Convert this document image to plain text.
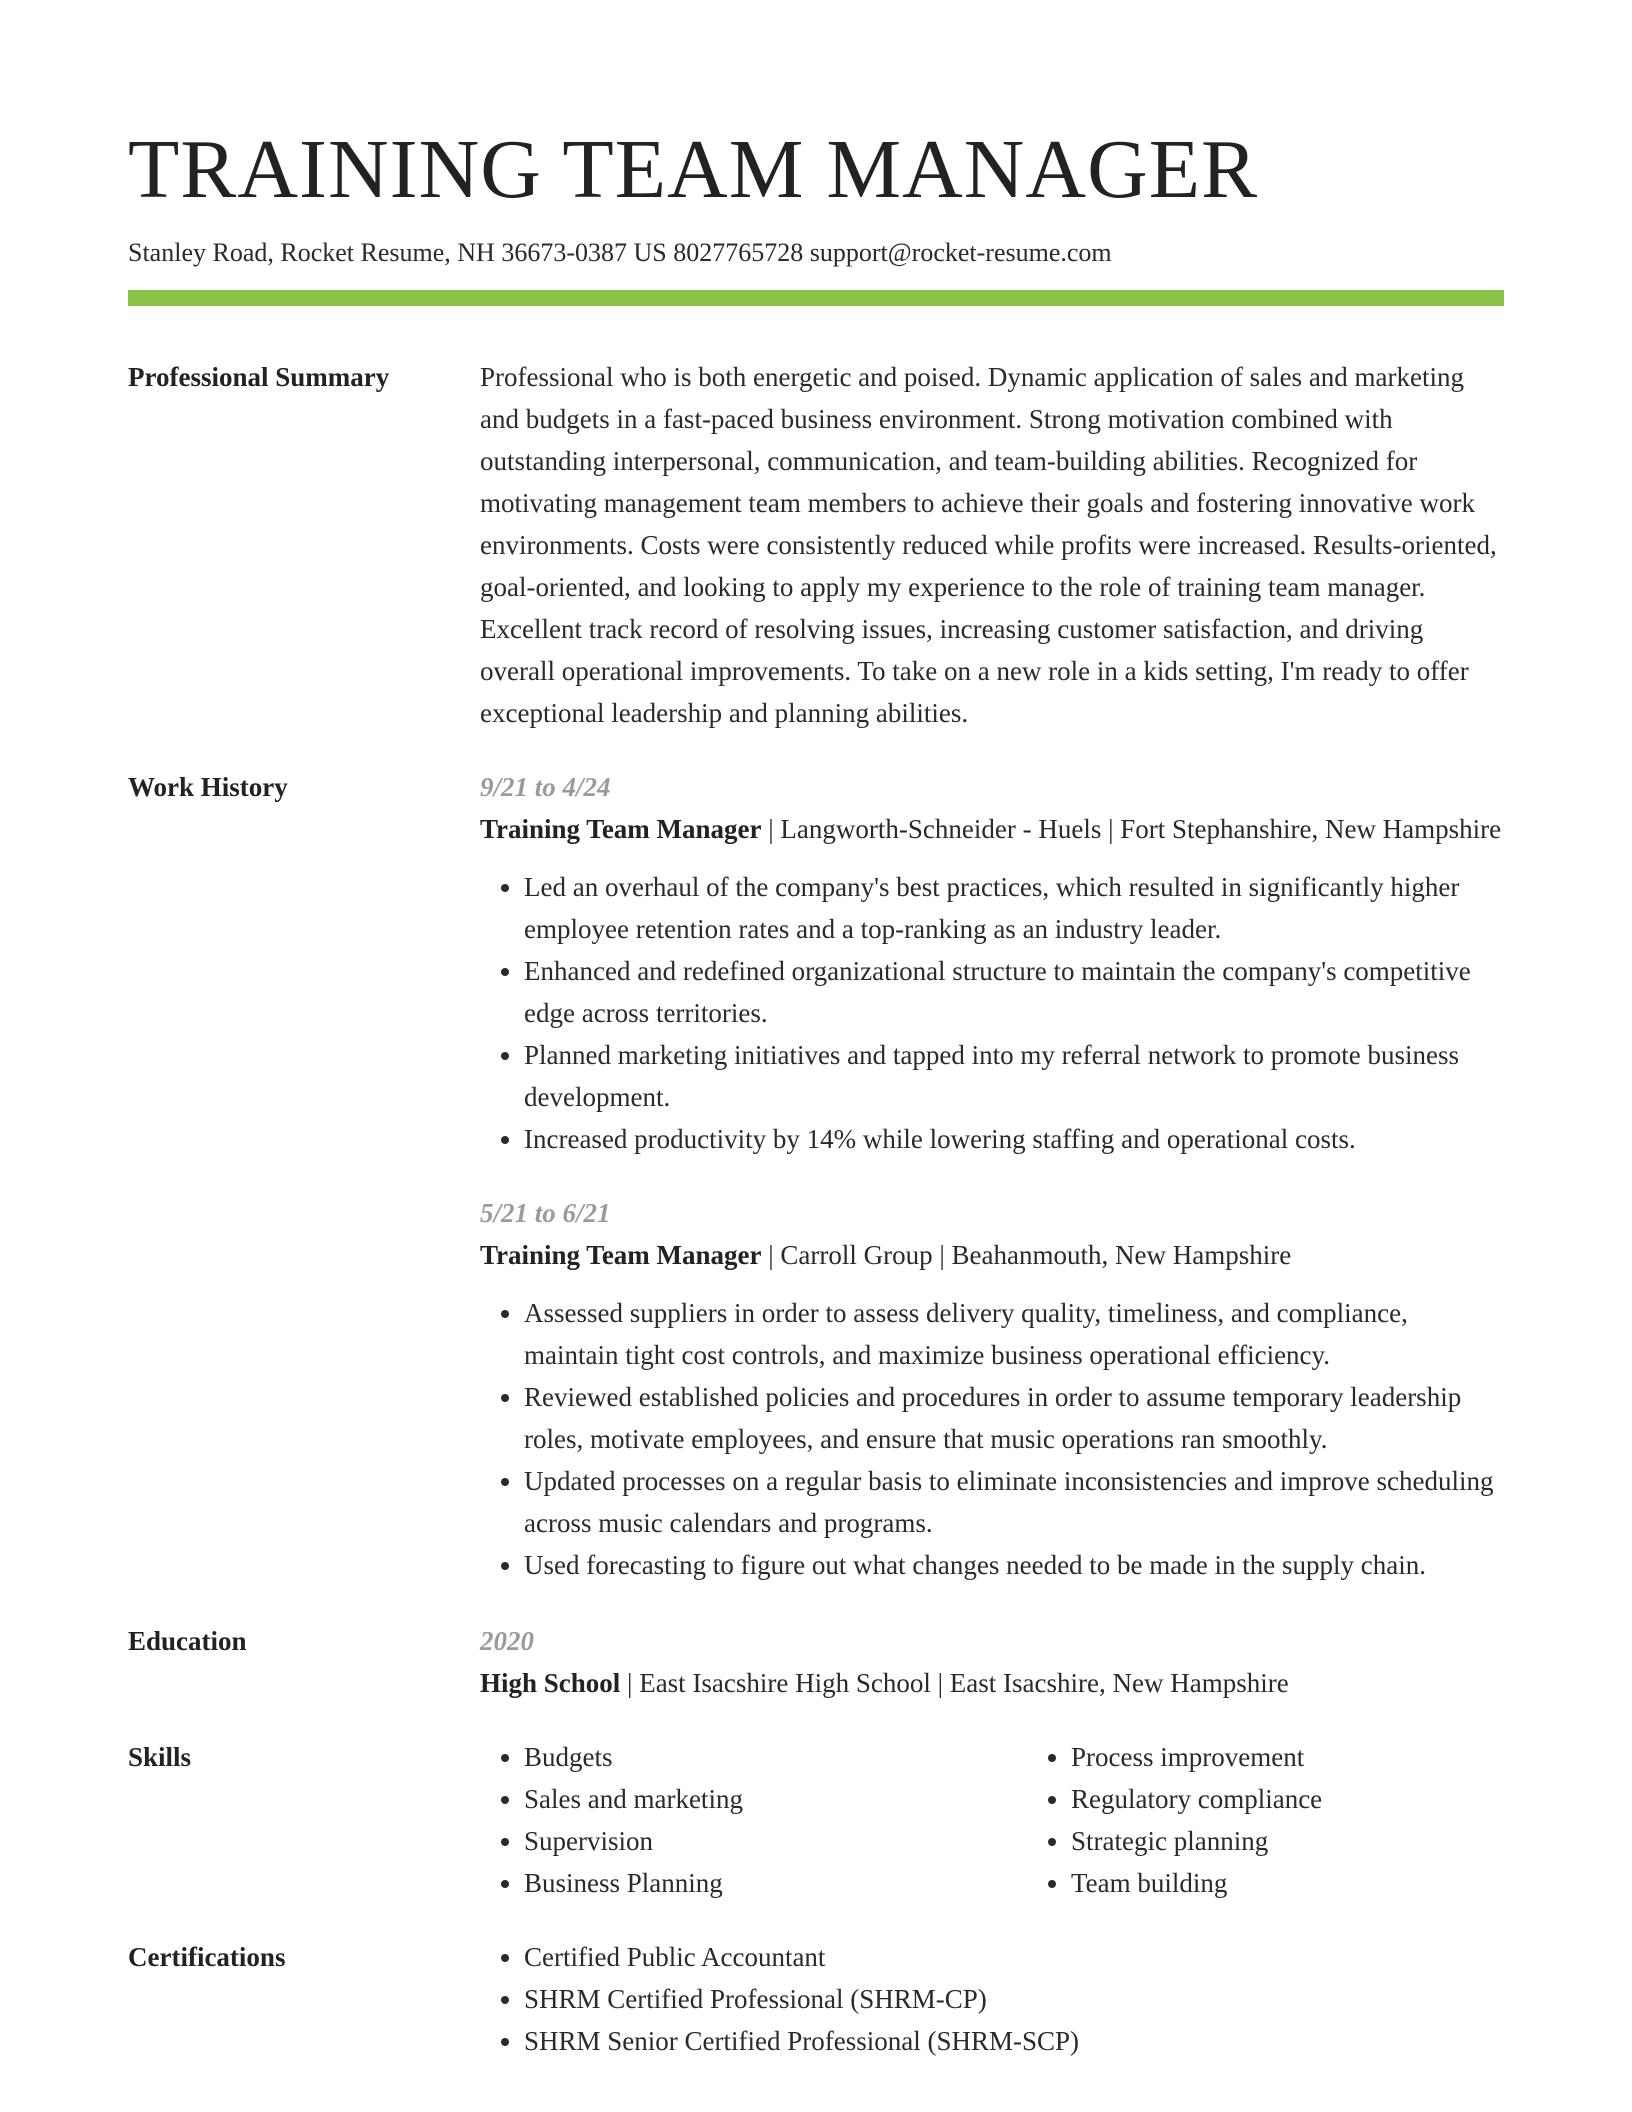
TRAINING TEAM MANAGER
Stanley Road, Rocket Resume, NH 36673-0387 US 8027765728 support@rocket-resume.com
Professional Summary	Professional who is both energetic and poised. Dynamic application of sales and marketing and budgets in a fast-paced business environment. Strong motivation combined with outstanding interpersonal, communication, and team-building abilities. Recognized for motivating management team members to achieve their goals and fostering innovative work environments. Costs were consistently reduced while profits were increased. Results-oriented, goal-oriented, and looking to apply my experience to the role of training team manager. Excellent track record of resolving issues, increasing customer satisfaction, and driving overall operational improvements. To take on a new role in a kids setting, I'm ready to offer exceptional leadership and planning abilities.
Work History	9/21 to 4/24
Training Team Manager | Langworth-Schneider - Huels | Fort Stephanshire, New Hampshire
• Led an overhaul of the company's best practices, which resulted in significantly higher employee retention rates and a top-ranking as an industry leader.
• Enhanced and redefined organizational structure to maintain the company's competitive edge across territories.
• Planned marketing initiatives and tapped into my referral network to promote business development.
• Increased productivity by 14% while lowering staffing and operational costs.
5/21 to 6/21
Training Team Manager | Carroll Group | Beahanmouth, New Hampshire
• Assessed suppliers in order to assess delivery quality, timeliness, and compliance, maintain tight cost controls, and maximize business operational efficiency.
• Reviewed established policies and procedures in order to assume temporary leadership roles, motivate employees, and ensure that music operations ran smoothly.
• Updated processes on a regular basis to eliminate inconsistencies and improve scheduling across music calendars and programs.
• Used forecasting to figure out what changes needed to be made in the supply chain.
Education	2020
High School | East Isacshire High School | East Isacshire, New Hampshire
Skills	• Budgets
• Sales and marketing
• Supervision
• Business Planning
• Process improvement
• Regulatory compliance
• Strategic planning
• Team building
Certifications	• Certified Public Accountant
• SHRM Certified Professional (SHRM-CP)
• SHRM Senior Certified Professional (SHRM-SCP)
